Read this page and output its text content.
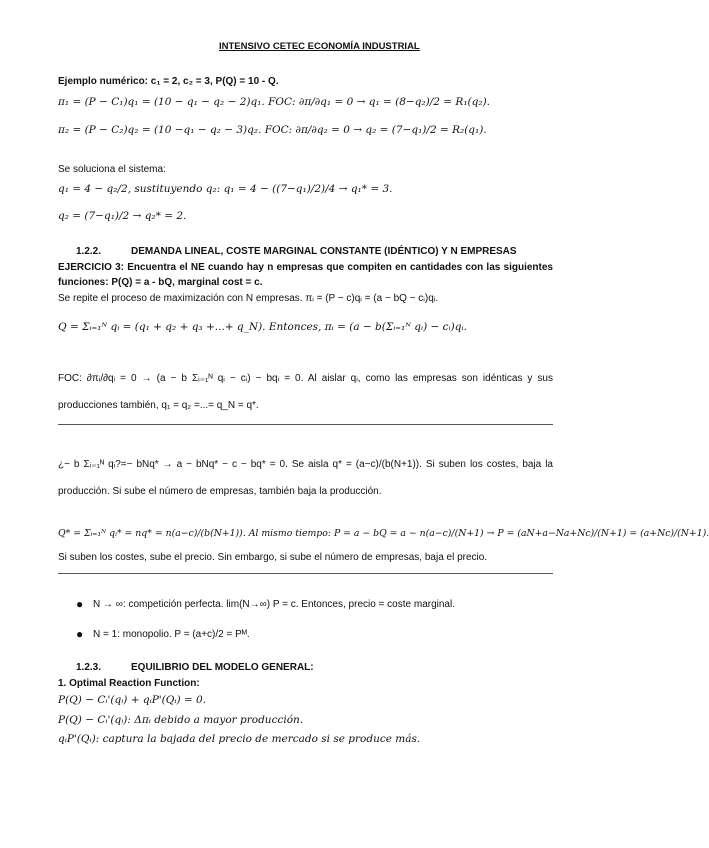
INTENSIVO CETEC ECONOMÍA INDUSTRIAL
Ejemplo numérico: c₁ = 2, c₂ = 3, P(Q) = 10 - Q.
π₁ = (P − C₁)q₁ = (10 − q₁ − q₂ − 2)q₁. FOC: ∂π/∂q₁ = 0 → q₁ = (8−q₂)/2 = R₁(q₂).
π₂ = (P − C₂)q₂ = (10 −q₁ − q₂ − 3)q₂. FOC: ∂π/∂q₂ = 0 → q₂ = (7−q₁)/2 = R₂(q₁).
Se soluciona el sistema:
q₁ = 4 − q₂/2, sustituyendo q₂: q₁ = 4 − ((7−q₁)/2)/4 → q₁* = 3.
q₂ = (7−q₁)/2 → q₂* = 2.
1.2.2.	DEMANDA LINEAL, COSTE MARGINAL CONSTANTE (IDÉNTICO) Y N EMPRESAS
EJERCICIO 3: Encuentra el NE cuando hay n empresas que compiten en cantidades con las siguientes
funciones: P(Q) = a - bQ, marginal cost = c.
Se repite el proceso de maximización con N empresas. πᵢ = (P − c)qᵢ = (a − bQ − cᵢ)qᵢ.
Q = Σᵢ₌₁ᴺ qᵢ = (q₁ + q₂ + q₃ +...+ q_N). Entonces, πᵢ = (a − b(Σᵢ₌₁ᴺ qᵢ) − cᵢ)qᵢ.
FOC: ∂πᵢ/∂qᵢ = 0 → (a − b Σᵢ₌₁ᴺ qᵢ − cᵢ) − bqᵢ = 0. Al aislar qᵢ, como las empresas son idénticas y sus
producciones también, q₁ = q₂ =...= q_N = q*.
¿− b Σᵢ₌₁ᴺ qᵢ?=− bNq* → a − bNq* − c − bq* = 0. Se aisla q* = (a−c)/(b(N+1)). Si suben los costes, baja la
producción. Si sube el número de empresas, también baja la producción.
Q* = Σᵢ₌₁ᴺ qᵢ* = nq* = n(a−c)/(b(N+1)). Al mismo tiempo: P = a − bQ = a − n(a−c)/(N+1) → P = (aN+a−Na+Nc)/(N+1) = (a+Nc)/(N+1).
Si suben los costes, sube el precio. Sin embargo, si sube el número de empresas, baja el precio.
● N → ∞: competición perfecta. lim(N→∞) P = c. Entonces, precio = coste marginal.
● N = 1: monopolio. P = (a+c)/2 = Pᴹ.
1.2.3.	EQUILIBRIO DEL MODELO GENERAL:
1. Optimal Reaction Function:
P(Q) − Cᵢ'(qᵢ) + qᵢP'(Qᵢ) = 0.
P(Q) − Cᵢ'(qᵢ): Δπᵢ debido a mayor producción.
qᵢP'(Qᵢ): captura la bajada del precio de mercado si se produce más.
